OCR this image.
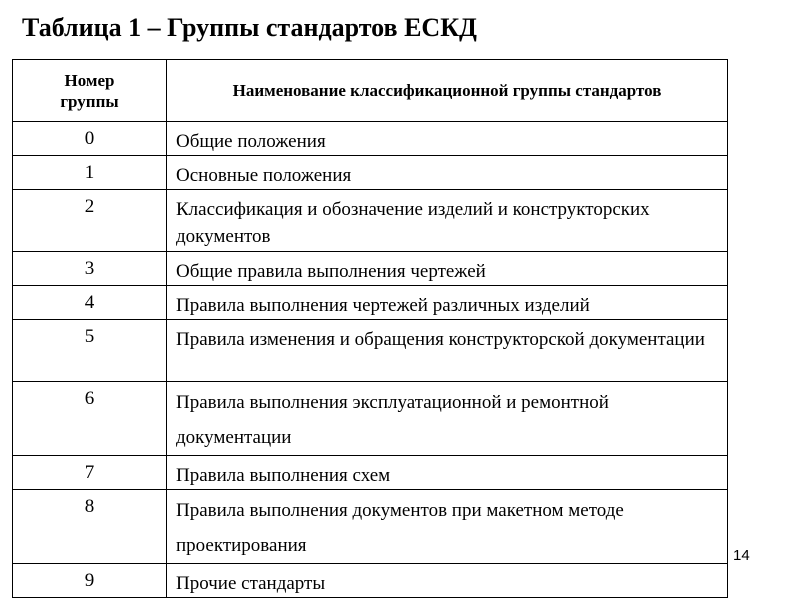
Таблица 1 – Группы стандартов ЕСКД
Номер группы	Наименование классификационной группы стандартов
0	Общие положения
1	Основные положения
2	Классификация и обозначение изделий и конструкторских документов
3	Общие правила выполнения чертежей
4	Правила выполнения чертежей различных изделий
5	Правила изменения и обращения конструкторской документации
6	Правила выполнения эксплуатационной и ремонтной документации
7	Правила выполнения схем
8	Правила выполнения документов при макетном методе проектирования
9	Прочие стандарты
14
